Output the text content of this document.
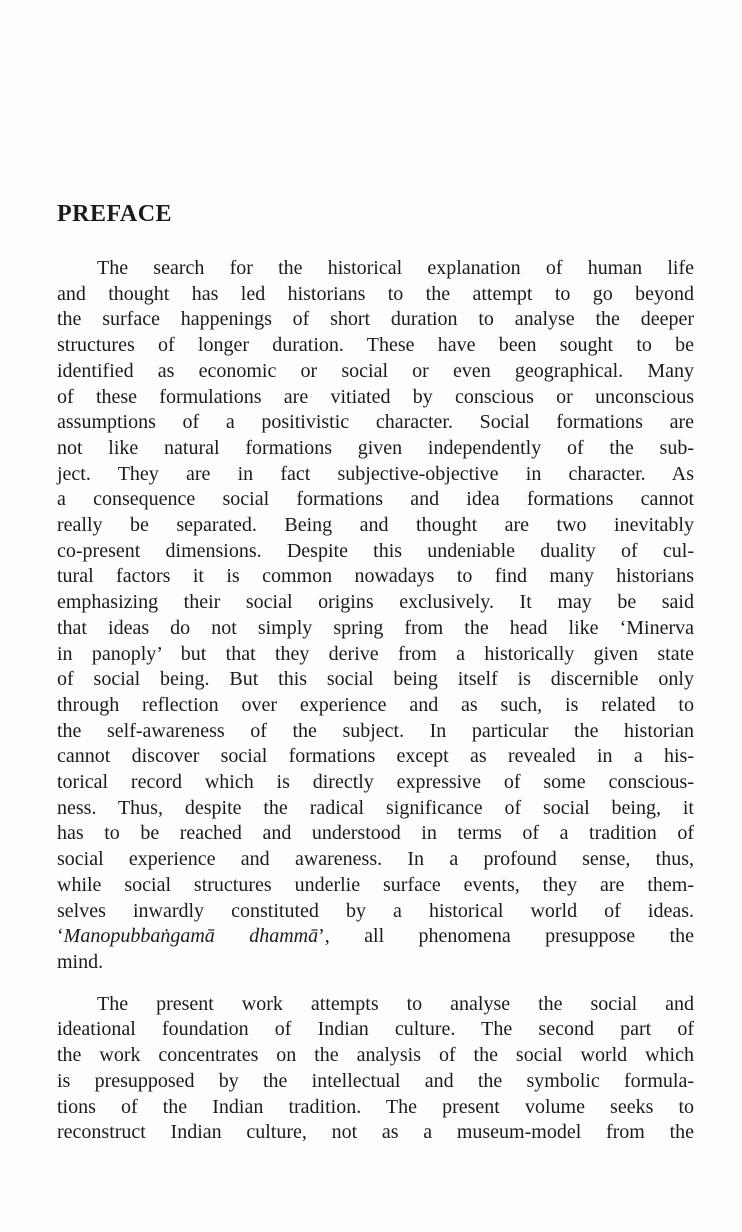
PREFACE
The search for the historical explanation of human life
and thought has led historians to the attempt to go beyond
the surface happenings of short duration to analyse the deeper
structures of longer duration. These have been sought to be
identified as economic or social or even geographical. Many
of these formulations are vitiated by conscious or unconscious
assumptions of a positivistic character. Social formations are
not like natural formations given independently of the sub-
ject. They are in fact subjective-objective in character. As
a consequence social formations and idea formations cannot
really be separated. Being and thought are two inevitably
co-present dimensions. Despite this undeniable duality of cul-
tural factors it is common nowadays to find many historians
emphasizing their social origins exclusively. It may be said
that ideas do not simply spring from the head like ‘Minerva
in panoply’ but that they derive from a historically given state
of social being. But this social being itself is discernible only
through reflection over experience and as such, is related to
the self-awareness of the subject. In particular the historian
cannot discover social formations except as revealed in a his-
torical record which is directly expressive of some conscious-
ness. Thus, despite the radical significance of social being, it
has to be reached and understood in terms of a tradition of
social experience and awareness. In a profound sense, thus,
while social structures underlie surface events, they are them-
selves inwardly constituted by a historical world of ideas.
‘Manopubbaṅgamā dhammā’, all phenomena presuppose the
mind.
The present work attempts to analyse the social and
ideational foundation of Indian culture. The second part of
the work concentrates on the analysis of the social world which
is presupposed by the intellectual and the symbolic formula-
tions of the Indian tradition. The present volume seeks to
reconstruct Indian culture, not as a museum-model from the
